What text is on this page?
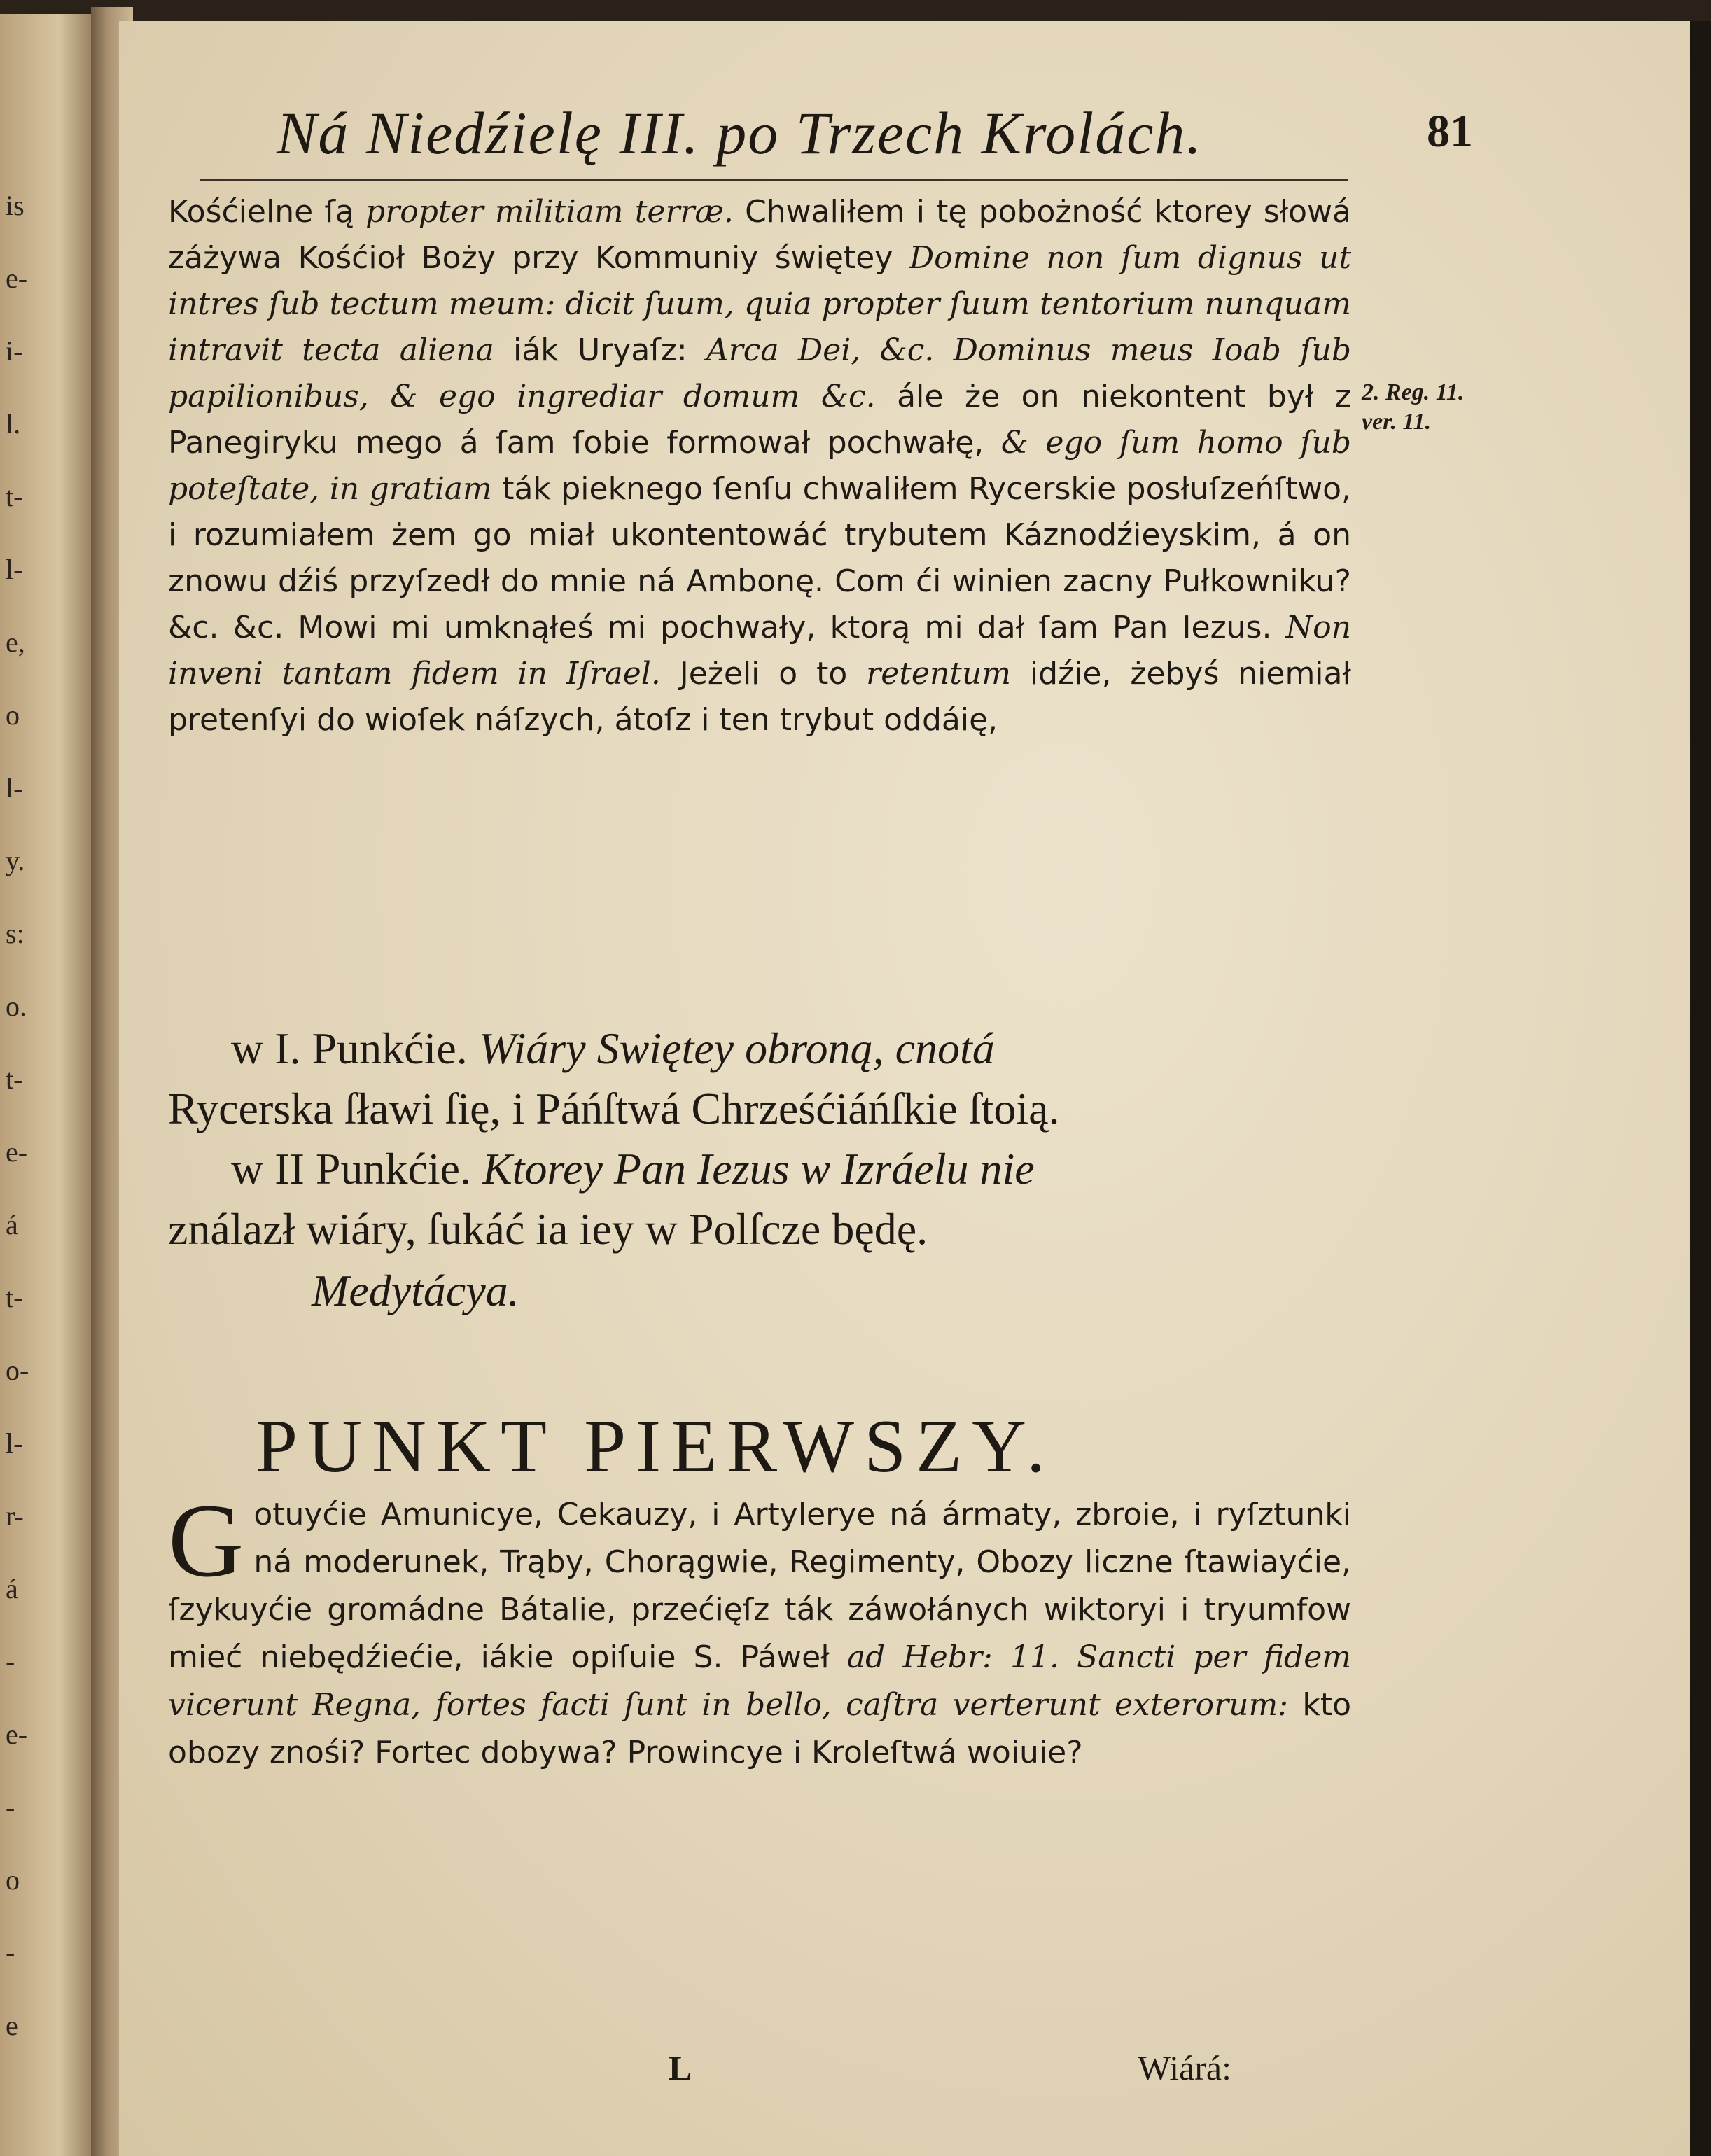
is
e-
i-
l.
t-
l-
e,
o
l-
y.
s:
o.
t-
e-
á
t-
o-
l-
r-
á
-
e-
-
o
-
e
Ná Niedźielę III. po Trzech Krolách.	81
Kośćielne ſą propter militiam terræ. Chwaliłem i tę pobożność ktorey słowá záżywa Kośćioł Boży przy Kommuniy świętey Domine non ſum dignus ut intres ſub tectum meum: dicit ſuum, quia propter ſuum tentorium nunquam intravit tecta aliena iák Uryaſz: Arca Dei, &c. Dominus meus Ioab ſub papilionibus, & ego ingrediar domum &c. ále że on niekontent był z Panegiryku mego á ſam ſobie formował pochwałę, & ego ſum homo ſub poteſtate, in gratiam ták pieknego ſenſu chwaliłem Rycerskie posłuſzeńſtwo, i rozumiałem żem go miał ukontentowáć trybutem Káznodźieyskim, á on znowu dźiś przyſzedł do mnie ná Ambonę. Com ći winien zacny Pułkowniku? &c. &c. Mowi mi umknąłeś mi pochwały, ktorą mi dał ſam Pan Iezus. Non inveni tantam fidem in Iſrael. Jeżeli o to retentum idźie, żebyś niemiał pretenſyi do wioſek náſzych, átoſz i ten trybut oddáię,
2. Reg. 11.
ver. 11.
w I. Punkćie. Wiáry Swiętey obroną, cnotá
Rycerska ſławi ſię, i Páńſtwá Chrześćiáńſkie ſtoią.
w II Punkćie. Ktorey Pan Iezus w Izráelu nie
ználazł wiáry, ſukáć ia iey w Polſcze będę.
Medytácya.
PUNKT PIERWSZY.
Gotuyćie Amunicye, Cekauzy, i Artylerye ná ármaty, zbroie, i ryſztunki ná moderunek, Trąby, Chorągwie, Regimenty, Obozy liczne ſtawiayćie, ſzykuyćie gromádne Bátalie, przećięſz ták záwołánych wiktoryi i tryumfow mieć niebędźiećie, iákie opiſuie S. Páweł ad Hebr: 11. Sancti per fidem vicerunt Regna, fortes facti ſunt in bello, caſtra verterunt exterorum: kto obozy znośi? Fortec dobywa? Prowincye i Kroleſtwá woiuie?
L	Wiárá:
